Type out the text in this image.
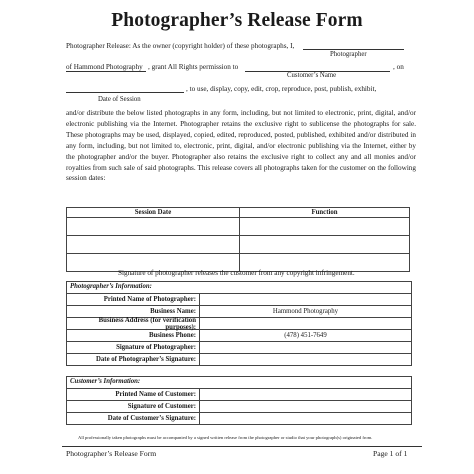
Photographer’s Release Form
Photographer Release: As the owner (copyright holder) of these photographs, I,
Photographer
of Hammond Photography , grant All Rights permission to	, on
Customer’s Name
, to use, display, copy, edit, crop, reproduce, post, publish, exhibit,
Date of Session
and/or distribute the below listed photographs in any form, including, but not limited to electronic, print, digital, and/or electronic publishing via the Internet. Photographer retains the exclusive right to sublicense the photographs for sale. These photographs may be used, displayed, copied, edited, reproduced, posted, published, exhibited and/or distributed in any form, including, but not limited to, electronic, print, digital, and/or electronic publishing via the Internet, either by the photographer and/or the buyer. Photographer also retains the exclusive right to collect any and all monies and/or royalties from such sale of said photographs. This release covers all photographs taken for the customer on the following session dates:
Session Date	Function

Signature of photographer releases the customer from any copyright infringement.
Photographer’s Information:
Printed Name of Photographer:
Business Name:	Hammond Photography
Business Address (for verification purposes):
Business Phone:	(478) 451-7649
Signature of Photographer:
Date of Photographer’s Signature:
Customer’s Information:
Printed Name of Customer:
Signature of Customer:
Date of Customer’s Signature:
All professionally taken photographs must be accompanied by a signed written release from the photographer or studio that your photograph(s) originated from.
Photographer’s Release Form	Page 1 of 1
